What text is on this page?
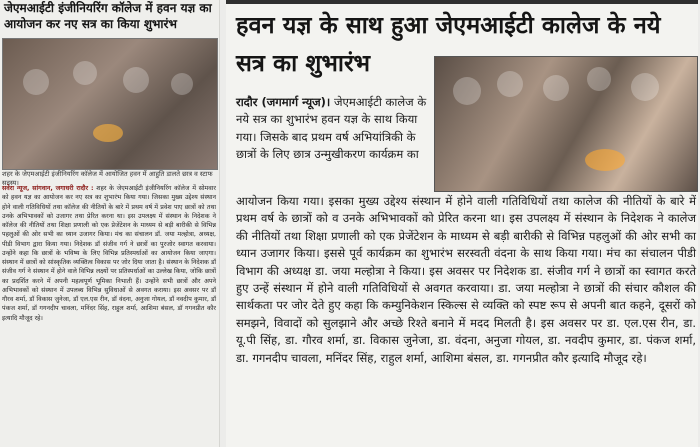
जेएमआईटी इंजीनियरिंग कॉलेज में हवन यज्ञ का आयोजन कर नए सत्र का किया शुभारंभ
शहर के जेएमआईटी इंजीनियरिंग कॉलेज में आयोजित हवन में आहुति डालते छात्र व स्टाफ सदस्य।
सवेरा न्यूज, सांगवान, जगाधरी रादौर : शहर के जेएमआईटी इंजीनियरिंग कॉलेज में सोमवार को हवन यज्ञ का आयोजन कर नए सत्र का शुभारंभ किया गया। जिसका मुख्य उद्देश्य संस्थान होने वाली गतिविधियों तथा कॉलेज की नीतियों के बारे में प्रथम वर्ष में प्रवेश पाए छात्रों को तथा उनके अभिभावकों को उजागर तथा प्रेरित करना था। इस उपलक्ष्य में संस्थान के निदेशक ने कॉलेज की नीतियों तथा शिक्षा प्रणाली को एक प्रेजेंटेशन के माध्यम से बड़ी बारीकी से विभिन्न पहलुओं की ओर सभी का ध्यान उजागर किया। मंच का संचालन डॉ. जया मल्होत्रा, अध्यक्ष, पीडी विभाग द्वारा किया गया। निदेशक डॉ संजीव गर्ग ने छात्रों का पुरजोर स्वागत करवाया। उन्होंने कहा कि छात्रों के भविष्य के लिए विभिन्न प्रतिस्पर्धाओं का आयोजन किया जाएगा। संस्थान में छात्रों को सांस्कृतिक व्यक्तित्व विकास पर जोर दिया जाता है। संस्थान के निदेशक डॉ संजीव गर्ग ने संस्थान में होने वाले विभिन्न लक्ष्यों पर प्रतिस्पर्धाओं का उल्लेख किया, जोकि छात्रों का प्रदर्शित करने में अपनी महत्वपूर्ण भूमिका निभाती हैं। उन्होंने सभी छात्रों और अपने अभिभावकों को संस्थान में उपलब्ध विभिन्न सुविधाओं से अवगत कराया। इस अवसर पर डॉ गौरव शर्मा, डॉ विकास जुनेजा, डॉ एल.एस रीन, डॉ वंदना, अनुजा गोयल, डॉ नवदीप कुमार, डॉ पंकज शर्मा, डॉ गगनदीप चावला, मनिंदर सिंह, राहुल शर्मा, आशिमा बंसल, डॉ गगनप्रीत कौर इत्यादि मौजूद रहे।
हवन यज्ञ के साथ हुआ जेएमआईटी कालेज के नये सत्र का शुभारंभ
रादौर (जगमार्ग न्यूज)। जेएमआईटी कालेज के नये सत्र का शुभारंभ हवन यज्ञ के साथ किया गया। जिसके बाद प्रथम वर्ष अभियांत्रिकी के छात्रों के लिए छात्र उन्मुखीकरण कार्यक्रम का
आयोजन किया गया। इसका मुख्य उद्देश्य संस्थान में होने वाली गतिविधियों तथा कालेज की नीतियों के बारे में प्रथम वर्ष के छात्रों को व उनके अभिभावकों को प्रेरित करना था। इस उपलक्ष्य में संस्थान के निदेशक ने कालेज की नीतियों तथा शिक्षा प्रणाली को एक प्रेजेंटेशन के माध्यम से बड़ी बारीकी से विभिन्न पहलुओं की ओर सभी का ध्यान उजागर किया। इससे पूर्व कार्यक्रम का शुभारंभ सरस्वती वंदना के साथ किया गया। मंच का संचालन पीडी विभाग की अध्यक्ष डा. जया मल्होत्रा ने किया। इस अवसर पर निदेशक डा. संजीव गर्ग ने छात्रों का स्वागत करते हुए उन्हें संस्थान में होने वाली गतिविधियों से अवगत करवाया। डा. जया मल्होत्रा ने छात्रों की संचार कौशल की सार्थकता पर जोर देते हुए कहा कि कम्युनिकेशन स्किल्स से व्यक्ति को स्पष्ट रूप से अपनी बात कहने, दूसरों को समझने, विवादों को सुलझाने और अच्छे रिश्ते बनाने में मदद मिलती है। इस अवसर पर डा. एल.एस रीन, डा. यू.पी सिंह, डा. गौरव शर्मा, डा. विकास जुनेजा, डा. वंदना, अनुजा गोयल, डा. नवदीप कुमार, डा. पंकज शर्मा, डा. गगनदीप चावला, मनिंदर सिंह, राहुल शर्मा, आशिमा बंसल, डा. गगनप्रीत कौर इत्यादि मौजूद रहे।
